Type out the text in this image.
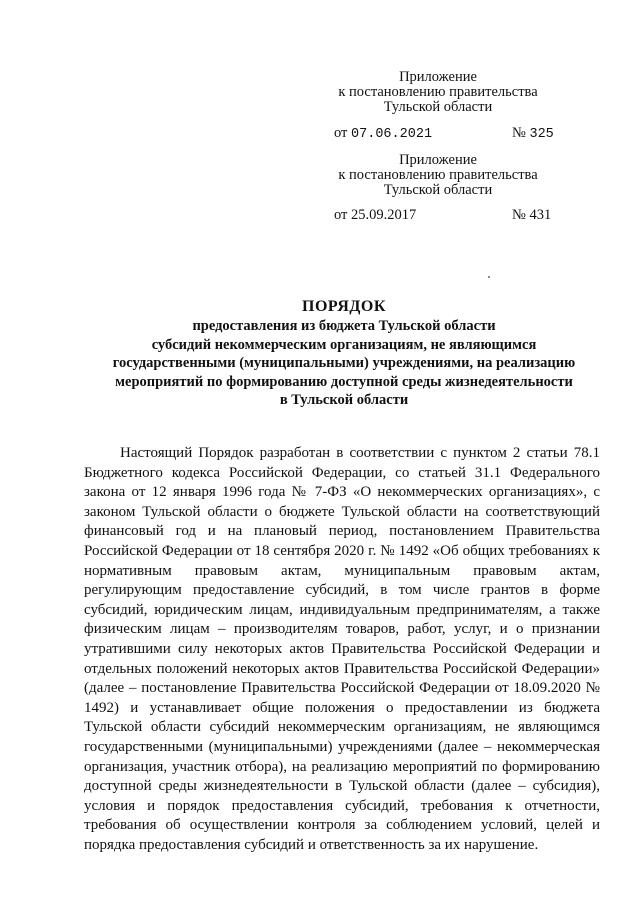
Приложение
к постановлению правительства
Тульской области
от 07.06.2021	№ 325
Приложение
к постановлению правительства
Тульской области
от 25.09.2017	№ 431
ПОРЯДОК
предоставления из бюджета Тульской области
субсидий некоммерческим организациям, не являющимся
государственными (муниципальными) учреждениями, на реализацию
мероприятий по формированию доступной среды жизнедеятельности
в Тульской области

Настоящий Порядок разработан в соответствии с пунктом 2 статьи 78.1 Бюджетного кодекса Российской Федерации, со статьей 31.1 Федерального закона от 12 января 1996 года № 7-ФЗ «О некоммерческих организациях», с законом Тульской области о бюджете Тульской области на соответствующий финансовый год и на плановый период, постановлением Правительства Российской Федерации от 18 сентября 2020 г. № 1492 «Об общих требованиях к нормативным правовым актам, муниципальным правовым актам, регулирующим предоставление субсидий, в том числе грантов в форме субсидий, юридическим лицам, индивидуальным предпринимателям, а также физическим лицам – производителям товаров, работ, услуг, и о признании утратившими силу некоторых актов Правительства Российской Федерации и отдельных положений некоторых актов Правительства Российской Федерации» (далее – постановление Правительства Российской Федерации от 18.09.2020 № 1492) и устанавливает общие положения о предоставлении из бюджета Тульской области субсидий некоммерческим организациям, не являющимся государственными (муниципальными) учреждениями (далее – некоммерческая организация, участник отбора), на реализацию мероприятий по формированию доступной среды жизнедеятельности в Тульской области (далее – субсидия), условия и порядок предоставления субсидий, требования к отчетности, требования об осуществлении контроля за соблюдением условий, целей и порядка предоставления субсидий и ответственность за их нарушение.
